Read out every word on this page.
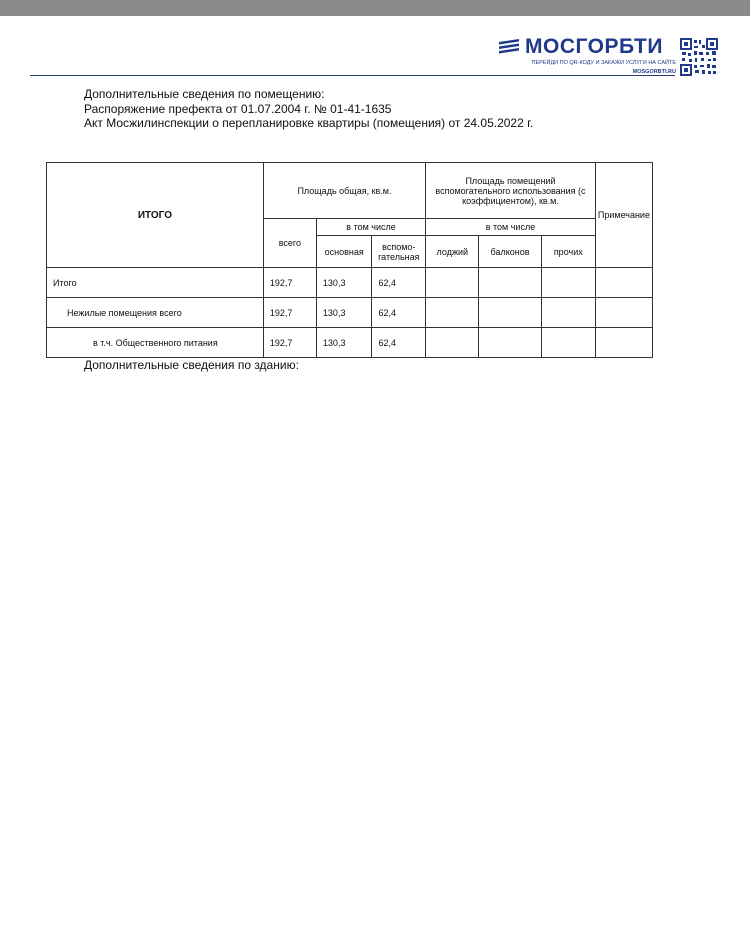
МОСГОРБТИ
ПЕРЕЙДИ ПО QR-КОДУ И ЗАКАЖИ УСЛУГИ НА САЙТЕ
MOSGORBTI.RU
Дополнительные сведения по помещению:
Распоряжение префекта от 01.07.2004 г. № 01-41-1635
Акт Мосжилинспекции о перепланировке квартиры (помещения) от 24.05.2022 г.
ИТОГО	Площадь общая, кв.м.			Площадь помещений вспомогательного использования (с коэффициентом), кв.м.			Примечание
	всего	в том числе		в том числе			
		основная	вспомо-гательная	лоджий	балконов	прочих	
Итого	192,7	130,3	62,4				
Нежилые помещения всего	192,7	130,3	62,4				
в т.ч. Общественного питания	192,7	130,3	62,4				
Дополнительные сведения по зданию:
